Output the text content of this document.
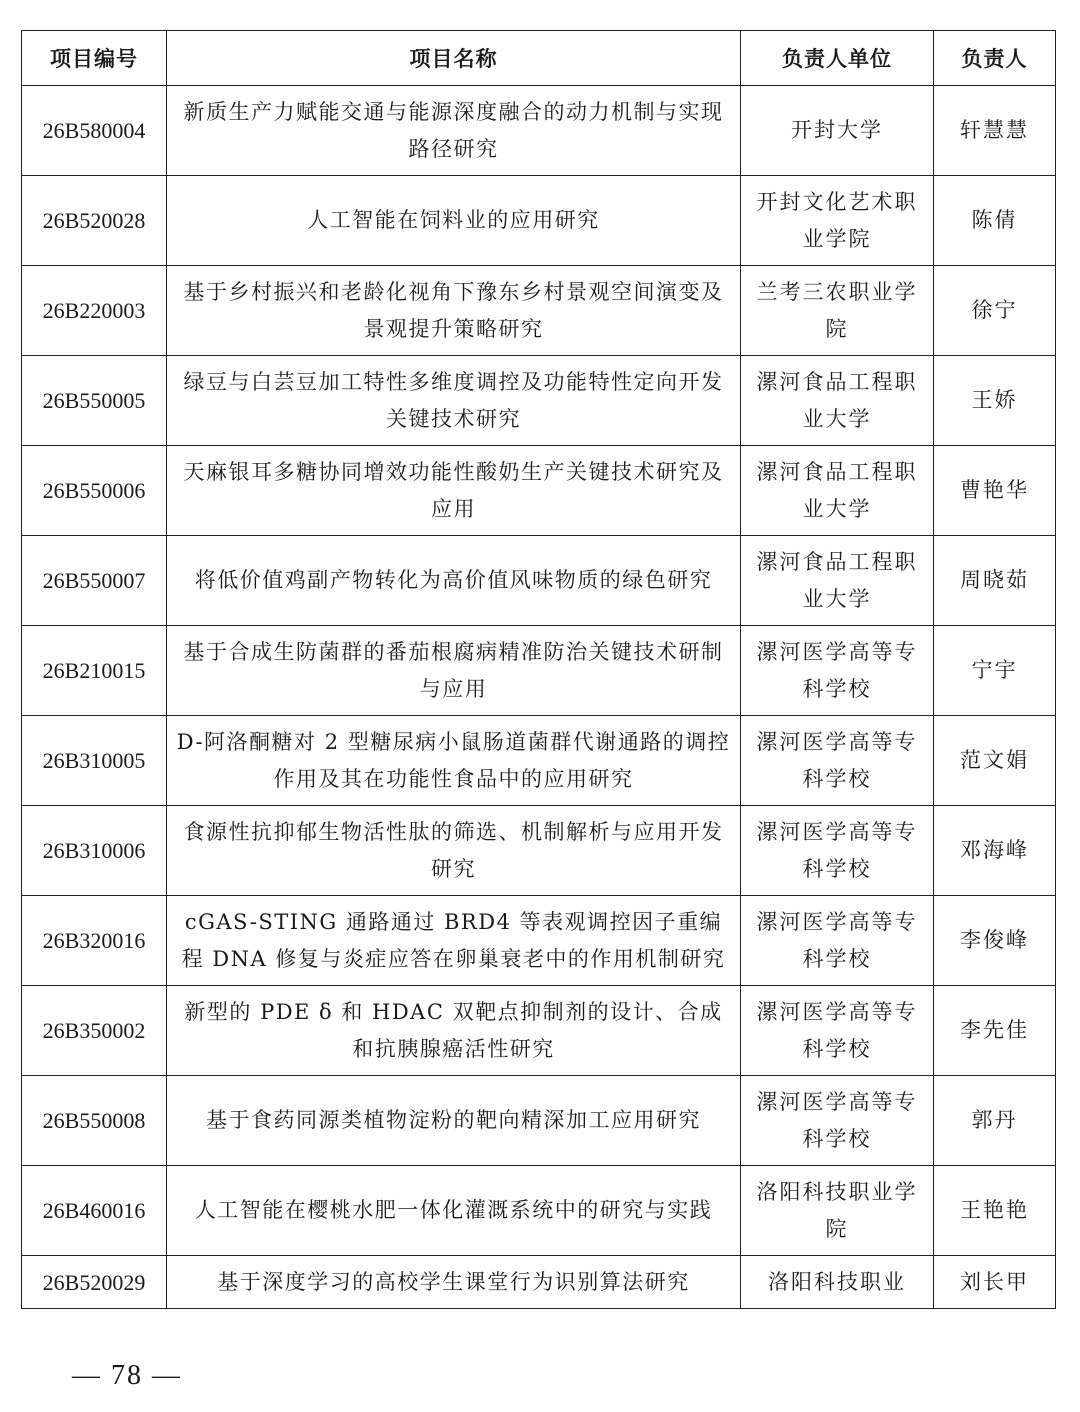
项目编号	项目名称	负责人单位	负责人
26B580004	新质生产力赋能交通与能源深度融合的动力机制与实现路径研究	开封大学	轩慧慧
26B520028	人工智能在饲料业的应用研究	开封文化艺术职业学院	陈倩
26B220003	基于乡村振兴和老龄化视角下豫东乡村景观空间演变及景观提升策略研究	兰考三农职业学院	徐宁
26B550005	绿豆与白芸豆加工特性多维度调控及功能特性定向开发关键技术研究	漯河食品工程职业大学	王娇
26B550006	天麻银耳多糖协同增效功能性酸奶生产关键技术研究及应用	漯河食品工程职业大学	曹艳华
26B550007	将低价值鸡副产物转化为高价值风味物质的绿色研究	漯河食品工程职业大学	周晓茹
26B210015	基于合成生防菌群的番茄根腐病精准防治关键技术研制与应用	漯河医学高等专科学校	宁宇
26B310005	D-阿洛酮糖对 2 型糖尿病小鼠肠道菌群代谢通路的调控作用及其在功能性食品中的应用研究	漯河医学高等专科学校	范文娟
26B310006	食源性抗抑郁生物活性肽的筛选、机制解析与应用开发研究	漯河医学高等专科学校	邓海峰
26B320016	cGAS-STING 通路通过 BRD4 等表观调控因子重编程 DNA 修复与炎症应答在卵巢衰老中的作用机制研究	漯河医学高等专科学校	李俊峰
26B350002	新型的 PDE δ 和 HDAC 双靶点抑制剂的设计、合成和抗胰腺癌活性研究	漯河医学高等专科学校	李先佳
26B550008	基于食药同源类植物淀粉的靶向精深加工应用研究	漯河医学高等专科学校	郭丹
26B460016	人工智能在樱桃水肥一体化灌溉系统中的研究与实践	洛阳科技职业学院	王艳艳
26B520029	基于深度学习的高校学生课堂行为识别算法研究	洛阳科技职业	刘长甲
— 78 —
